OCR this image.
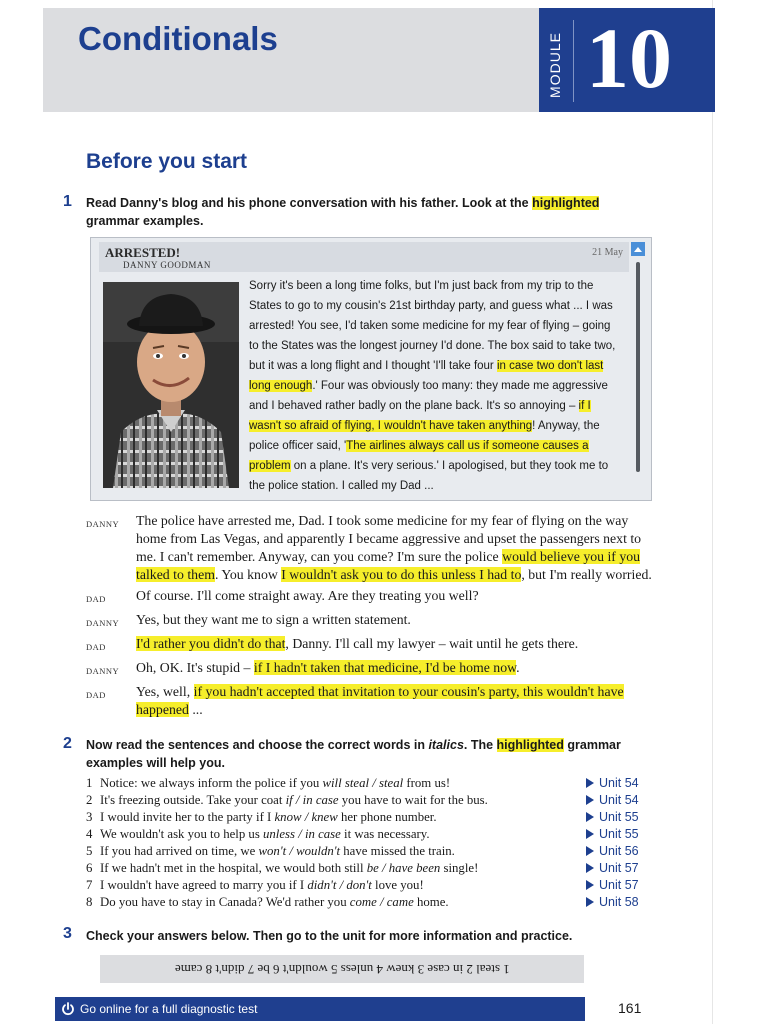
Conditionals	MODULE 10
Before you start
1 Read Danny's blog and his phone conversation with his father. Look at the highlighted grammar examples.

ARRESTED!
DANNY GOODMAN
21 May

Sorry it's been a long time folks, but I'm just back from my trip to the States to go to my cousin's 21st birthday party, and guess what ... I was arrested! You see, I'd taken some medicine for my fear of flying – going to the States was the longest journey I'd done. The box said to take two, but it was a long flight and I thought 'I'll take four in case two don't last long enough.' Four was obviously too many: they made me aggressive and I behaved rather badly on the plane back. It's so annoying – if I wasn't so afraid of flying, I wouldn't have taken anything! Anyway, the police officer said, 'The airlines always call us if someone causes a problem on a plane. It's very serious.' I apologised, but they took me to the police station. I called my Dad ...

DANNY	The police have arrested me, Dad. I took some medicine for my fear of flying on the way home from Las Vegas, and apparently I became aggressive and upset the passengers next to me. I can't remember. Anyway, can you come? I'm sure the police would believe you if you talked to them. You know I wouldn't ask you to do this unless I had to, but I'm really worried.
DAD	Of course. I'll come straight away. Are they treating you well?
DANNY	Yes, but they want me to sign a written statement.
DAD	I'd rather you didn't do that, Danny. I'll call my lawyer – wait until he gets there.
DANNY	Oh, OK. It's stupid – if I hadn't taken that medicine, I'd be home now.
DAD	Yes, well, if you hadn't accepted that invitation to your cousin's party, this wouldn't have happened ...
2 Now read the sentences and choose the correct words in italics. The highlighted grammar examples will help you.

1 Notice: we always inform the police if you will steal / steal from us!	Unit 54
2 It's freezing outside. Take your coat if / in case you have to wait for the bus.	Unit 54
3 I would invite her to the party if I know / knew her phone number.	Unit 55
4 We wouldn't ask you to help us unless / in case it was necessary.	Unit 55
5 If you had arrived on time, we won't / wouldn't have missed the train.	Unit 56
6 If we hadn't met in the hospital, we would both still be / have been single!	Unit 57
7 I wouldn't have agreed to marry you if I didn't / don't love you!	Unit 57
8 Do you have to stay in Canada? We'd rather you come / came home.	Unit 58
3 Check your answers below. Then go to the unit for more information and practice.

1 steal 2 in case 3 knew 4 unless 5 wouldn't 6 be 7 didn't 8 came
Go online for a full diagnostic test	161
